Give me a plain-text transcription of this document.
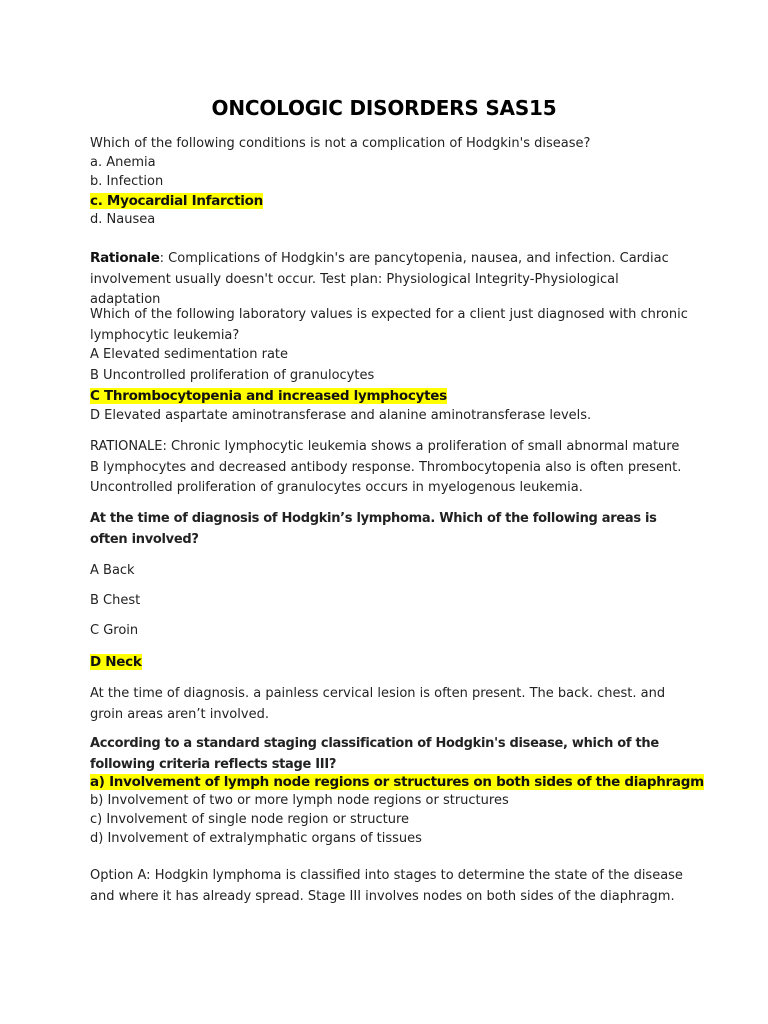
ONCOLOGIC DISORDERS SAS15
Which of the following conditions is not a complication of Hodgkin's disease?
a. Anemia
b. Infection
c. Myocardial Infarction
d. Nausea
Rationale: Complications of Hodgkin's are pancytopenia, nausea, and infection. Cardiac involvement usually doesn't occur. Test plan: Physiological Integrity-Physiological adaptation
Which of the following laboratory values is expected for a client just diagnosed with chronic lymphocytic leukemia?
A Elevated sedimentation rate
B Uncontrolled proliferation of granulocytes
C Thrombocytopenia and increased lymphocytes
D Elevated aspartate aminotransferase and alanine aminotransferase levels.
RATIONALE: Chronic lymphocytic leukemia shows a proliferation of small abnormal mature B lymphocytes and decreased antibody response. Thrombocytopenia also is often present. Uncontrolled proliferation of granulocytes occurs in myelogenous leukemia.
At the time of diagnosis of Hodgkin’s lymphoma. Which of the following areas is often involved?
A Back
B Chest
C Groin
D Neck
At the time of diagnosis. a painless cervical lesion is often present. The back. chest. and groin areas aren’t involved.
According to a standard staging classification of Hodgkin's disease, which of the following criteria reflects stage III?
a) Involvement of lymph node regions or structures on both sides of the diaphragm
b) Involvement of two or more lymph node regions or structures
c) Involvement of single node region or structure
d) Involvement of extralymphatic organs of tissues
Option A: Hodgkin lymphoma is classified into stages to determine the state of the disease and where it has already spread. Stage III involves nodes on both sides of the diaphragm.
